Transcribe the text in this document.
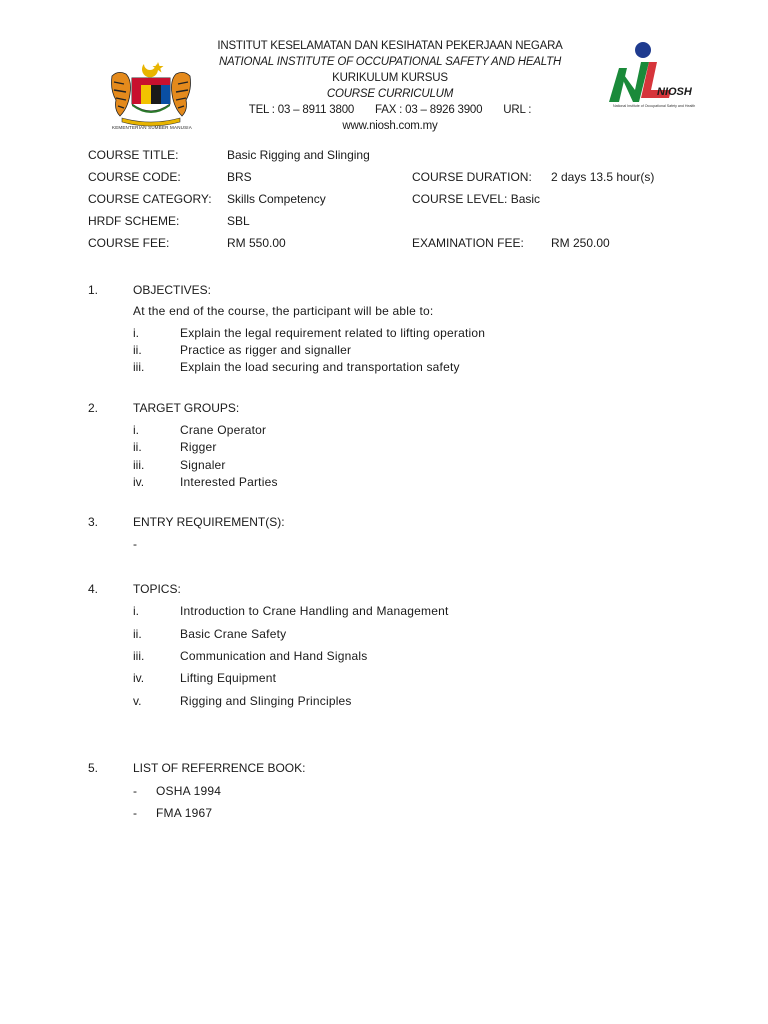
INSTITUT KESELAMATAN DAN KESIHATAN PEKERJAAN NEGARA
NATIONAL INSTITUTE OF OCCUPATIONAL SAFETY AND HEALTH
KURIKULUM KURSUS
COURSE CURRICULUM
TEL : 03 – 8911 3800       FAX : 03 – 8926 3900       URL :
www.niosh.com.my
NIOSH
National Institute of Occupational Safety and Health
KEMENTERIAN SUMBER MANUSIA
COURSE TITLE:	Basic Rigging and Slinging
COURSE CODE:	BRS	COURSE DURATION: 2 days 13.5 hour(s)
COURSE CATEGORY: Skills Competency	COURSE LEVEL: Basic
HRDF SCHEME:	SBL
COURSE FEE:	RM 550.00	EXAMINATION FEE: RM 250.00
1.	OBJECTIVES:
At the end of the course, the participant will be able to:
i.	Explain the legal requirement related to lifting operation
ii.	Practice as rigger and signaller
iii.	Explain the load securing and transportation safety
2.	TARGET GROUPS:
i.	Crane Operator
ii.	Rigger
iii.	Signaler
iv.	Interested Parties
3.	ENTRY REQUIREMENT(S):
-
4.	TOPICS:
i.	Introduction to Crane Handling and Management
ii.	Basic Crane Safety
iii.	Communication and Hand Signals
iv.	Lifting Equipment
v.	Rigging and Slinging Principles
5.	LIST OF REFERRENCE BOOK:
- OSHA 1994
- FMA 1967
